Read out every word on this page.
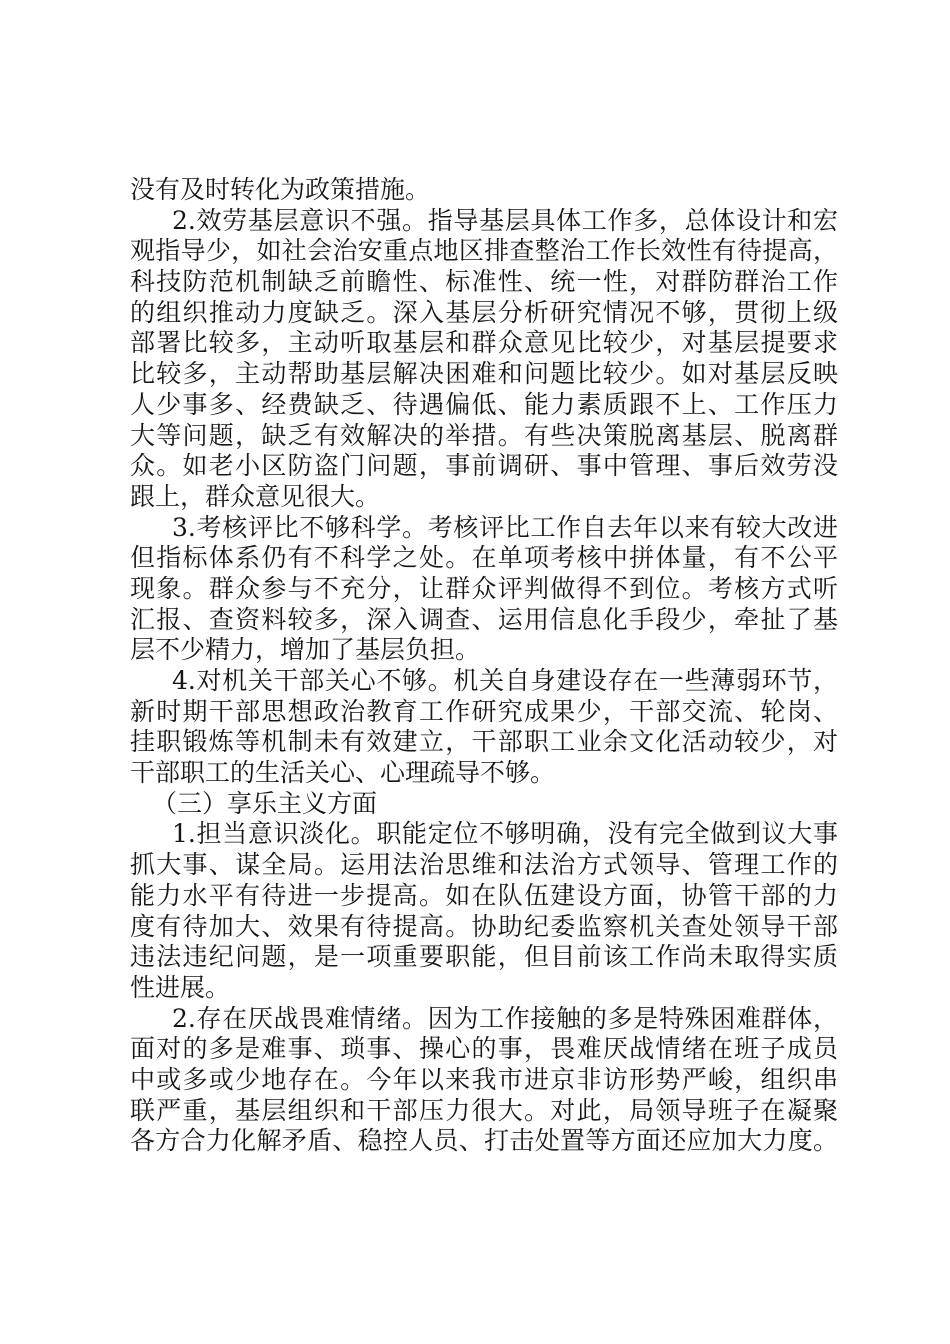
没有及时转化为政策措施。
2.效劳基层意识不强。指导基层具体工作多，总体设计和宏
观指导少，如社会治安重点地区排查整治工作长效性有待提高，
科技防范机制缺乏前瞻性、标准性、统一性，对群防群治工作
的组织推动力度缺乏。深入基层分析研究情况不够，贯彻上级
部署比较多，主动听取基层和群众意见比较少，对基层提要求
比较多，主动帮助基层解决困难和问题比较少。如对基层反映
人少事多、经费缺乏、待遇偏低、能力素质跟不上、工作压力
大等问题，缺乏有效解决的举措。有些决策脱离基层、脱离群
众。如老小区防盗门问题，事前调研、事中管理、事后效劳没
跟上，群众意见很大。
3.考核评比不够科学。考核评比工作自去年以来有较大改进
但指标体系仍有不科学之处。在单项考核中拼体量，有不公平
现象。群众参与不充分，让群众评判做得不到位。考核方式听
汇报、查资料较多，深入调查、运用信息化手段少，牵扯了基
层不少精力，增加了基层负担。
4.对机关干部关心不够。机关自身建设存在一些薄弱环节，
新时期干部思想政治教育工作研究成果少，干部交流、轮岗、
挂职锻炼等机制未有效建立，干部职工业余文化活动较少，对
干部职工的生活关心、心理疏导不够。
（三）享乐主义方面
1.担当意识淡化。职能定位不够明确，没有完全做到议大事
抓大事、谋全局。运用法治思维和法治方式领导、管理工作的
能力水平有待进一步提高。如在队伍建设方面，协管干部的力
度有待加大、效果有待提高。协助纪委监察机关查处领导干部
违法违纪问题，是一项重要职能，但目前该工作尚未取得实质
性进展。
2.存在厌战畏难情绪。因为工作接触的多是特殊困难群体，
面对的多是难事、琐事、操心的事，畏难厌战情绪在班子成员
中或多或少地存在。今年以来我市进京非访形势严峻，组织串
联严重，基层组织和干部压力很大。对此，局领导班子在凝聚
各方合力化解矛盾、稳控人员、打击处置等方面还应加大力度。
